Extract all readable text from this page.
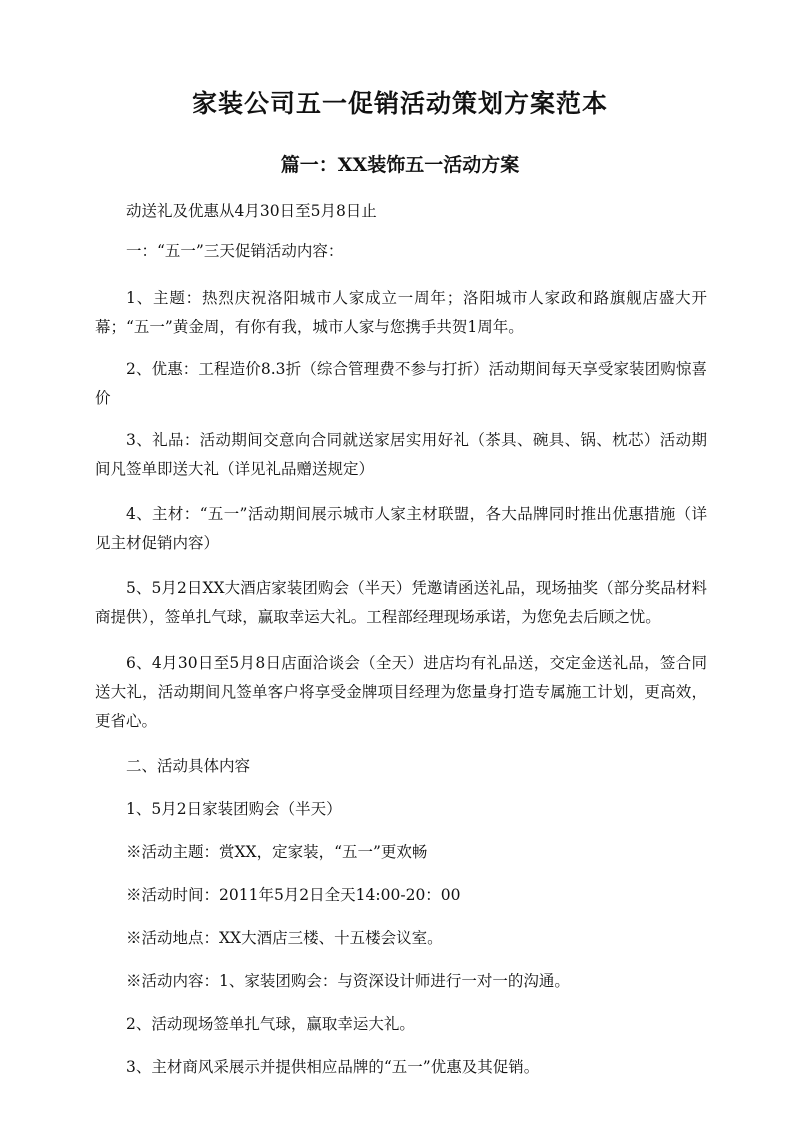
家装公司五一促销活动策划方案范本
篇一：XX装饰五一活动方案

动送礼及优惠从4月30日至5月8日止

一：“五一”三天促销活动内容：

1、主题：热烈庆祝洛阳城市人家成立一周年；洛阳城市人家政和路旗舰店盛大开幕；“五一”黄金周，有你有我，城市人家与您携手共贺1周年。

2、优惠：工程造价8.3折（综合管理费不参与打折）活动期间每天享受家装团购惊喜价

3、礼品：活动期间交意向合同就送家居实用好礼（茶具、碗具、锅、枕芯）活动期间凡签单即送大礼（详见礼品赠送规定）

4、主材：“五一”活动期间展示城市人家主材联盟，各大品牌同时推出优惠措施（详见主材促销内容）

5、5月2日XX大酒店家装团购会（半天）凭邀请函送礼品，现场抽奖（部分奖品材料商提供），签单扎气球，赢取幸运大礼。工程部经理现场承诺，为您免去后顾之忧。

6、4月30日至5月8日店面洽谈会（全天）进店均有礼品送，交定金送礼品，签合同送大礼，活动期间凡签单客户将享受金牌项目经理为您量身打造专属施工计划，更高效，更省心。

二、活动具体内容

1、5月2日家装团购会（半天）

※活动主题：赏XX，定家装，“五一”更欢畅

※活动时间：2011年5月2日全天14:00-20：00

※活动地点：XX大酒店三楼、十五楼会议室。

※活动内容：1、家装团购会：与资深设计师进行一对一的沟通。

2、活动现场签单扎气球，赢取幸运大礼。

3、主材商风采展示并提供相应品牌的“五一”优惠及其促销。
